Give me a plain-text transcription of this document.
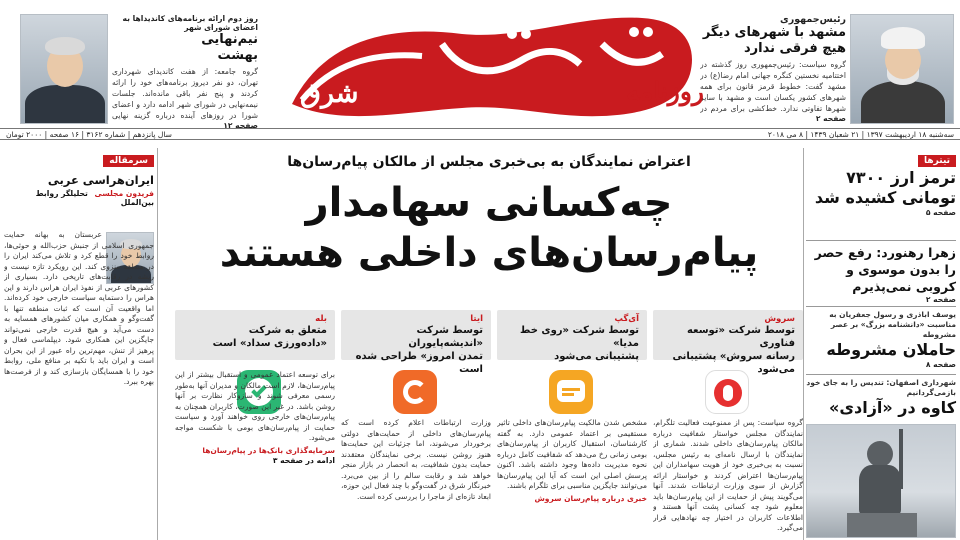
رئیس‌جمهوری
مشهد با شهرهای دیگر
هیچ فرقی ندارد
گروه سیاست: رئیس‌جمهوری روز گذشته در اختتامیه نخستین کنگره جهانی امام رضا(ع) در مشهد گفت: خطوط قرمز قانون برای همه شهرهای کشور یکسان است و مشهد با سایر شهرها تفاوتی ندارد. خط‌کشی برای مردم در
صفحه ۲
شرق	روزنامه
روز دوم ارائه برنامه‌های کاندیداها به اعضای شورای شهر
نیم‌نهایی
بهشت
گروه جامعه: از هفت کاندیدای شهرداری تهران، دو نفر دیروز برنامه‌های خود را ارائه کردند و پنج نفر باقی مانده‌اند. جلسات نیمه‌نهایی در شورای شهر ادامه دارد و اعضای شورا در روزهای آینده درباره گزینه نهایی
صفحه ۱۲
سه‌شنبه ۱۸ اردیبهشت ۱۳۹۷ | ۲۱ شعبان ۱۴۳۹ | ۸ می ۲۰۱۸
سال پانزدهم | شماره ۳۱۶۲ | ۱۶ صفحه | ۲۰۰۰ تومان
تیترها
ترمز ارز ۷۳۰۰ تومانی کشیده شد
صفحه ۵
زهرا رهنورد: رفع حصر را بدون موسوی و کروبی نمی‌پذیرم
صفحه ۲
یوسف اباذری و رسول جعفریان به مناسبت «دانشنامه بزرگ» بر عصر مشروطه
حاملان مشروطه
صفحه ۸
شهرداری اصفهان: تندیس را به جای خود بازمی‌گردانیم
کاوه در «آزادی»
سرمقاله
ایران‌هراسی عربی
فریدون مجلسی تحلیلگر روابط بین‌الملل
عربستان به بهانه حمایت جمهوری اسلامی از جنبش حزب‌الله و حوثی‌ها، روابط خود را قطع کرد و تلاش می‌کند ایران را در منطقه منزوی کند. این رویکرد تازه نیست و ریشه در رقابت‌های تاریخی دارد. بسیاری از کشورهای عربی از نفوذ ایران هراس دارند و این هراس را دستمایه سیاست خارجی خود کرده‌اند. اما واقعیت آن است که ثبات منطقه تنها با گفت‌وگو و همکاری میان کشورهای همسایه به دست می‌آید و هیچ قدرت خارجی نمی‌تواند جایگزین این همکاری شود. دیپلماسی فعال و پرهیز از تنش، مهم‌ترین راه عبور از این بحران است و ایران باید با تکیه بر منافع ملی، روابط خود را با همسایگان بازسازی کند و از فرصت‌ها بهره ببرد.
اعتراض نمایندگان به بی‌خبری مجلس از مالکان پیام‌رسان‌ها
چه‌کسانی سهامدار
پیام‌رسان‌های داخلی هستند
سروش
توسط شرکت «توسعه فناوری
رسانه سروش» پشتیبانی می‌شود
آی‌گپ
توسط شرکت «روی خط مدیا»
پشتیبانی می‌شود
ایتا
توسط شرکت «اندیشه‌پایوران
تمدن امروز» طراحی شده است
بله
متعلق به شرکت
«داده‌ورزی سداد» است
گروه سیاست: پس از ممنوعیت فعالیت تلگرام، نمایندگان مجلس خواستار شفافیت درباره مالکان پیام‌رسان‌های داخلی شدند. شماری از نمایندگان با ارسال نامه‌ای به رئیس مجلس، نسبت به بی‌خبری خود از هویت سهامداران این پیام‌رسان‌ها اعتراض کردند و خواستار ارائه گزارش از سوی وزارت ارتباطات شدند. آنها می‌گویند پیش از حمایت از این پیام‌رسان‌ها باید معلوم شود چه کسانی پشت آنها هستند و اطلاعات کاربران در اختیار چه نهادهایی قرار می‌گیرد.
مشخص شدن مالکیت پیام‌رسان‌های داخلی تاثیر مستقیمی بر اعتماد عمومی دارد. به گفته کارشناسان، استقبال کاربران از پیام‌رسان‌های بومی زمانی رخ می‌دهد که شفافیت کامل درباره نحوه مدیریت داده‌ها وجود داشته باشد. اکنون پرسش اصلی این است که آیا این پیام‌رسان‌ها می‌توانند جایگزین مناسبی برای تلگرام باشند.
خبری درباره پیام‌رسان سروش
وزارت ارتباطات اعلام کرده است که پیام‌رسان‌های داخلی از حمایت‌های دولتی برخوردار می‌شوند، اما جزئیات این حمایت‌ها هنوز روشن نیست. برخی نمایندگان معتقدند حمایت بدون شفافیت، به انحصار در بازار منجر خواهد شد و رقابت سالم را از بین می‌برد. خبرنگار شرق در گفت‌وگو با چند فعال این حوزه، ابعاد تازه‌ای از ماجرا را بررسی کرده است.
برای توسعه اعتماد عمومی و استقبال بیشتر از این پیام‌رسان‌ها، لازم است مالکان و مدیران آنها به‌طور رسمی معرفی شوند و سازوکار نظارت بر آنها روشن باشد. در غیر این صورت، کاربران همچنان به پیام‌رسان‌های خارجی روی خواهند آورد و سیاست حمایت از پیام‌رسان‌های بومی با شکست مواجه می‌شود.
سرمایه‌گذاری بانک‌ها در پیام‌رسان‌ها
ادامه در صفحه ۳
